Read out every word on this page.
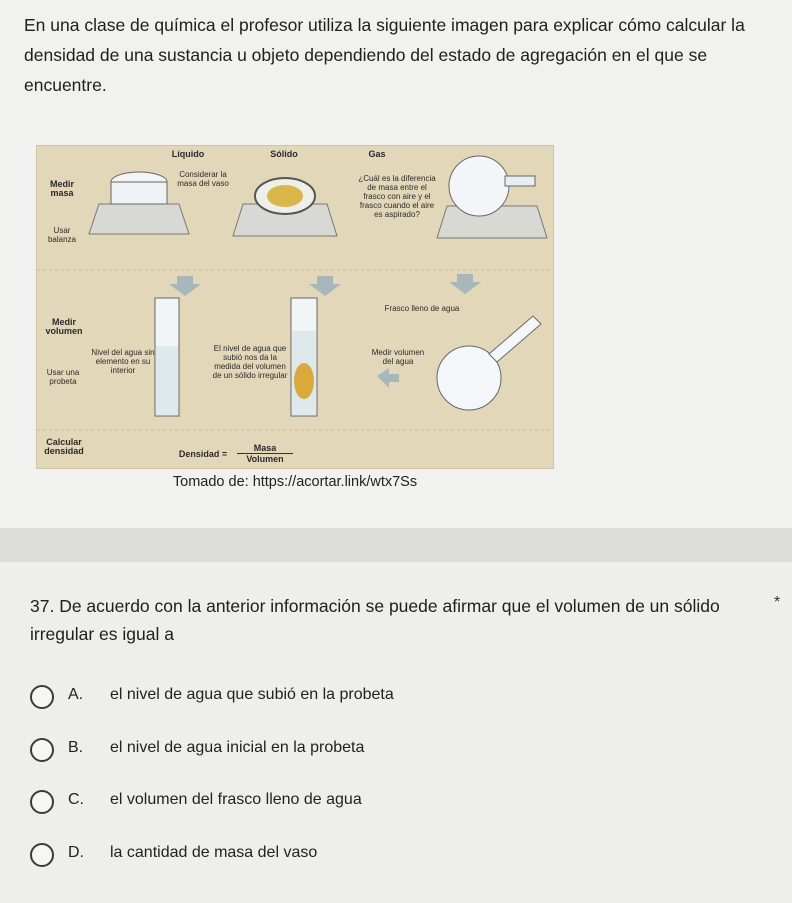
En una clase de química el profesor utiliza la siguiente imagen para explicar cómo calcular la densidad de una sustancia u objeto dependiendo del estado de agregación en el que se encuentre.
Líquido	Sólido	Gas
Medir masa
Usar balanza
Considerar la masa del vaso
¿Cuál es la diferencia de masa entre el frasco con aire y el frasco cuando el aire es aspirado?
Medir volumen
Usar una probeta
Nivel del agua sin elemento en su interior
El nivel de agua que subió nos da la medida del volumen de un sólido irregular
Frasco lleno de agua
Medir volumen del agua
Calcular densidad	Densidad =
Masa
Volumen
Tomado de: https://acortar.link/wtx7Ss
37. De acuerdo con la anterior información se puede afirmar que el volumen de un sólido irregular es igual a
*
A. el nivel de agua que subió en la probeta
B. el nivel de agua inicial en la probeta
C. el volumen del frasco lleno de agua
D. la cantidad de masa del vaso
